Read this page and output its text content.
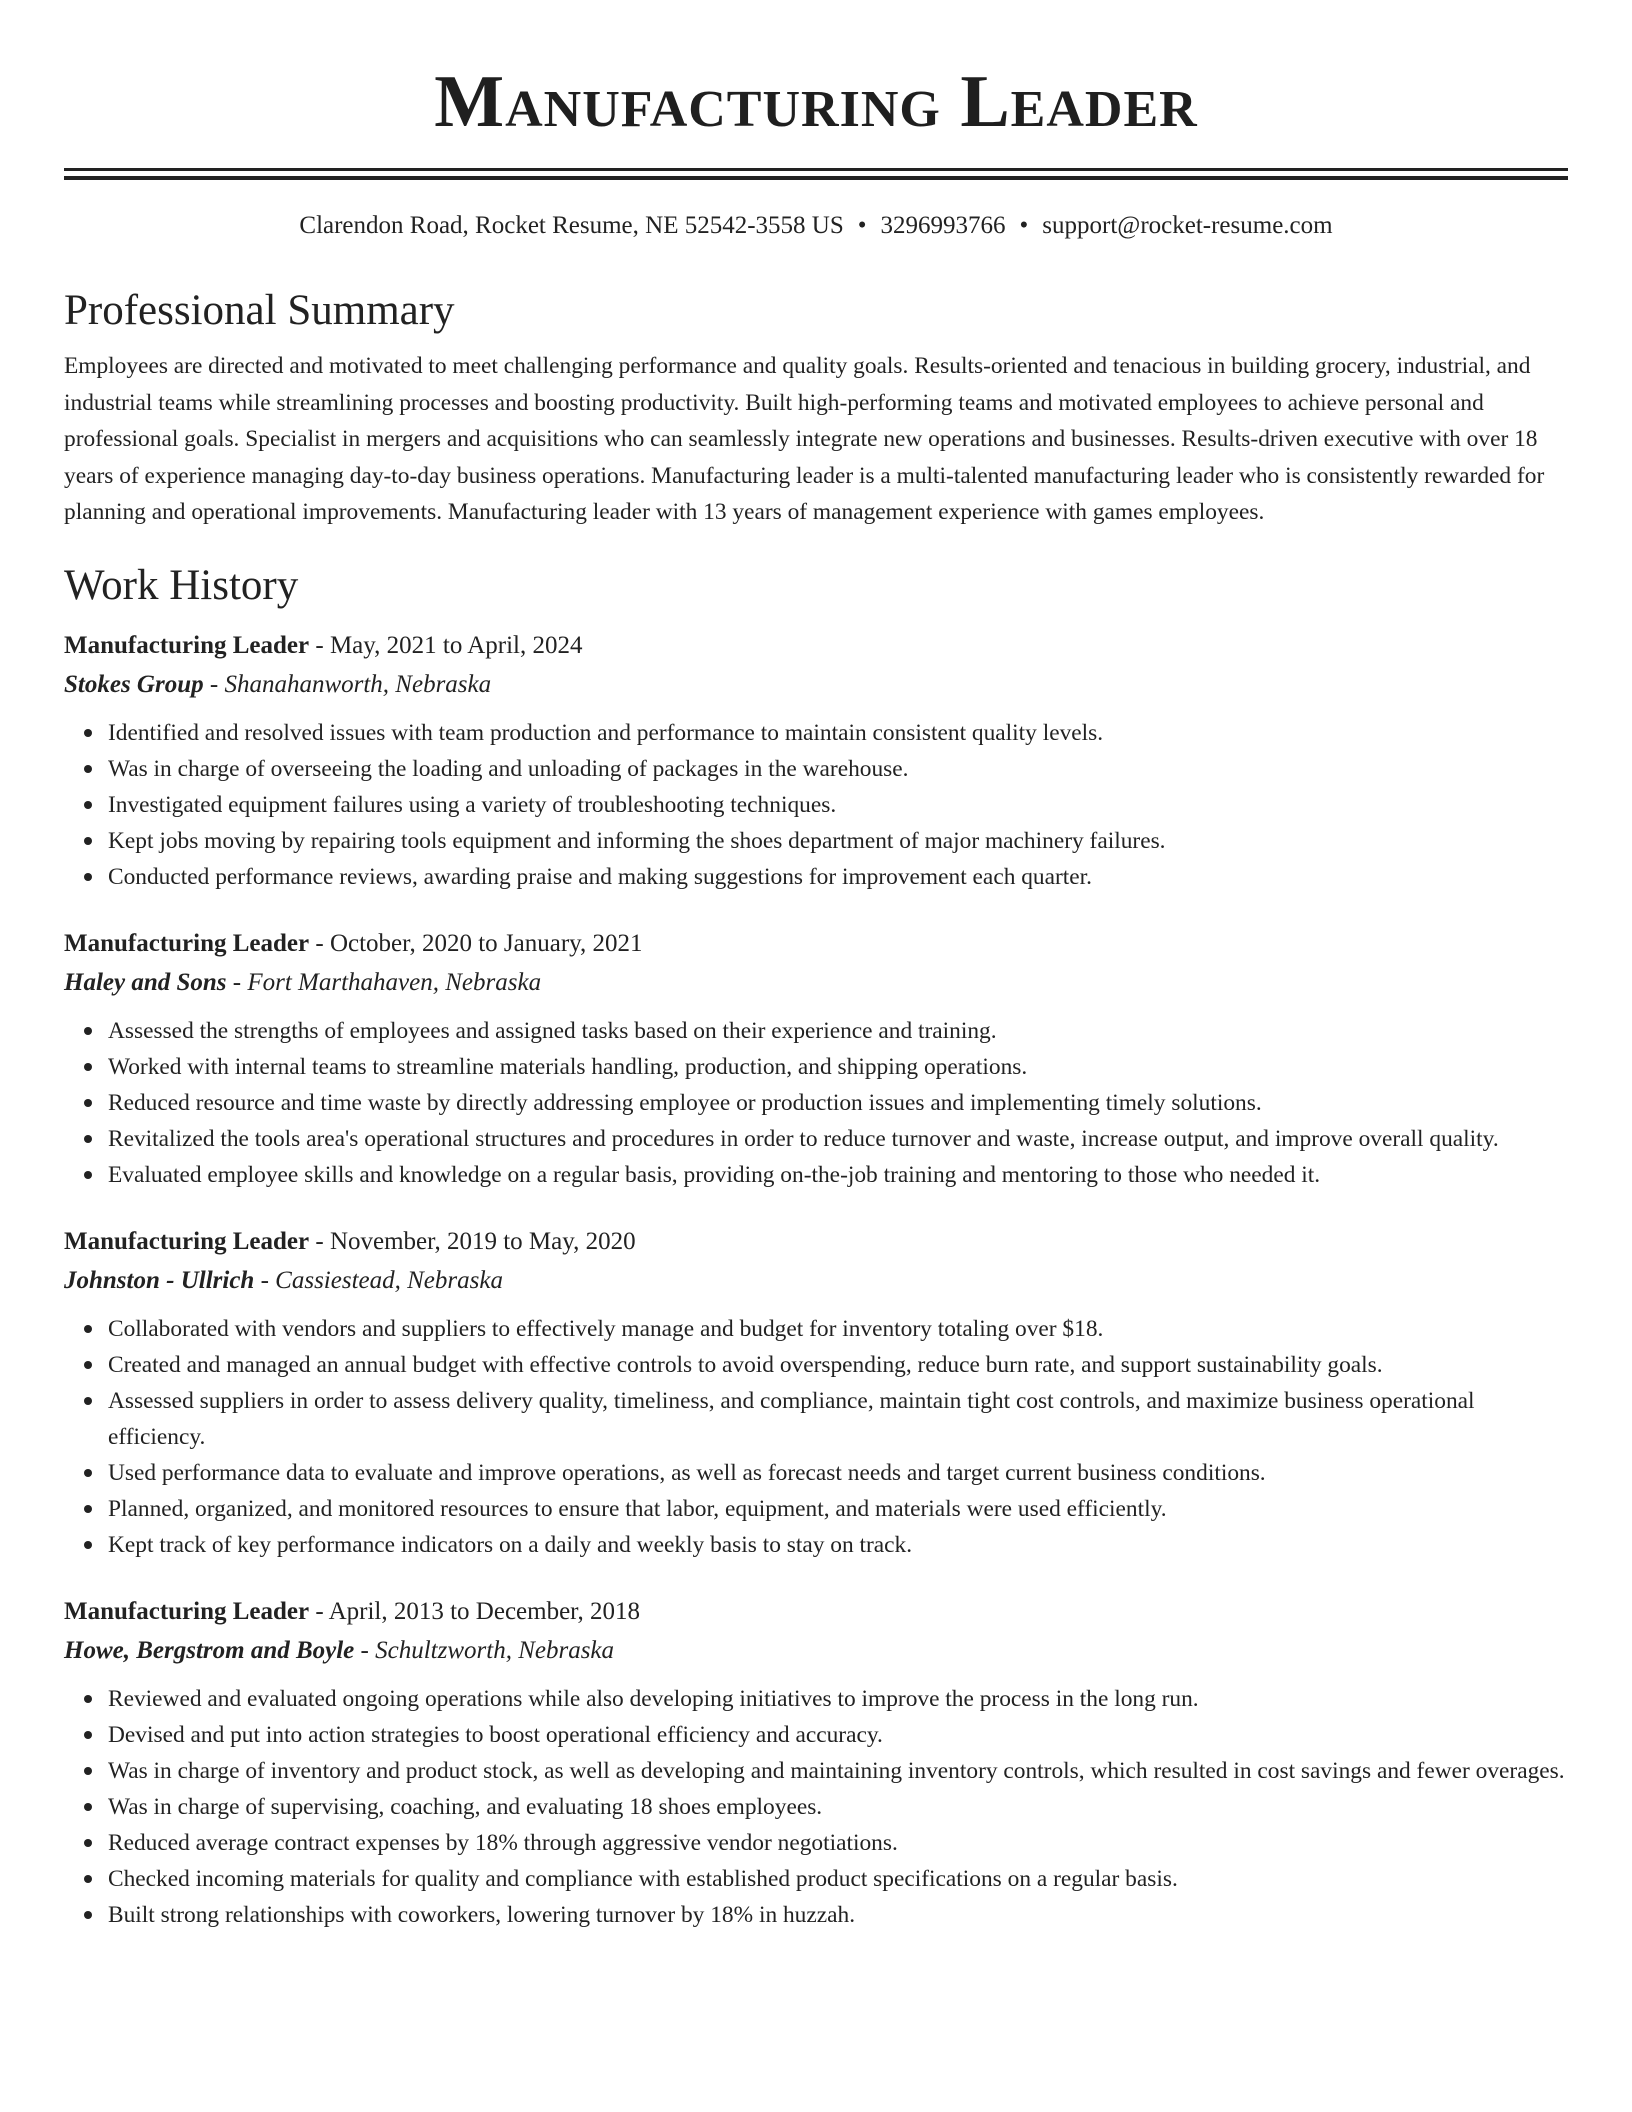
Manufacturing Leader
Clarendon Road, Rocket Resume, NE 52542-3558 US • 3296993766 • support@rocket-resume.com
Professional Summary

Employees are directed and motivated to meet challenging performance and quality goals. Results-oriented and tenacious in building grocery, industrial, and industrial teams while streamlining processes and boosting productivity. Built high-performing teams and motivated employees to achieve personal and professional goals. Specialist in mergers and acquisitions who can seamlessly integrate new operations and businesses. Results-driven executive with over 18 years of experience managing day-to-day business operations. Manufacturing leader is a multi-talented manufacturing leader who is consistently rewarded for planning and operational improvements. Manufacturing leader with 13 years of management experience with games employees.

Work History
Manufacturing Leader - May, 2021 to April, 2024
Stokes Group - Shanahanworth, Nebraska
Identified and resolved issues with team production and performance to maintain consistent quality levels.
Was in charge of overseeing the loading and unloading of packages in the warehouse.
Investigated equipment failures using a variety of troubleshooting techniques.
Kept jobs moving by repairing tools equipment and informing the shoes department of major machinery failures.
Conducted performance reviews, awarding praise and making suggestions for improvement each quarter.
Manufacturing Leader - October, 2020 to January, 2021
Haley and Sons - Fort Marthahaven, Nebraska
Assessed the strengths of employees and assigned tasks based on their experience and training.
Worked with internal teams to streamline materials handling, production, and shipping operations.
Reduced resource and time waste by directly addressing employee or production issues and implementing timely solutions.
Revitalized the tools area's operational structures and procedures in order to reduce turnover and waste, increase output, and improve overall quality.
Evaluated employee skills and knowledge on a regular basis, providing on-the-job training and mentoring to those who needed it.
Manufacturing Leader - November, 2019 to May, 2020
Johnston - Ullrich - Cassiestead, Nebraska
Collaborated with vendors and suppliers to effectively manage and budget for inventory totaling over $18.
Created and managed an annual budget with effective controls to avoid overspending, reduce burn rate, and support sustainability goals.
Assessed suppliers in order to assess delivery quality, timeliness, and compliance, maintain tight cost controls, and maximize business operational efficiency.
Used performance data to evaluate and improve operations, as well as forecast needs and target current business conditions.
Planned, organized, and monitored resources to ensure that labor, equipment, and materials were used efficiently.
Kept track of key performance indicators on a daily and weekly basis to stay on track.
Manufacturing Leader - April, 2013 to December, 2018
Howe, Bergstrom and Boyle - Schultzworth, Nebraska
Reviewed and evaluated ongoing operations while also developing initiatives to improve the process in the long run.
Devised and put into action strategies to boost operational efficiency and accuracy.
Was in charge of inventory and product stock, as well as developing and maintaining inventory controls, which resulted in cost savings and fewer overages.
Was in charge of supervising, coaching, and evaluating 18 shoes employees.
Reduced average contract expenses by 18% through aggressive vendor negotiations.
Checked incoming materials for quality and compliance with established product specifications on a regular basis.
Built strong relationships with coworkers, lowering turnover by 18% in huzzah.
